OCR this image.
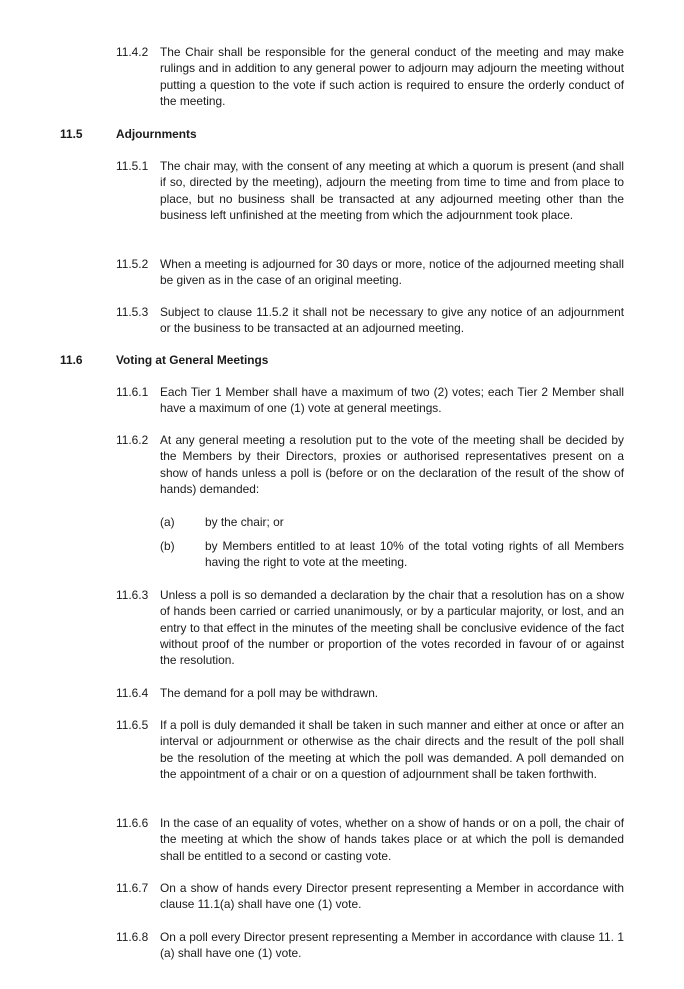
11.4.2 The Chair shall be responsible for the general conduct of the meeting and may make rulings and in addition to any general power to adjourn may adjourn the meeting without putting a question to the vote if such action is required to ensure the orderly conduct of the meeting.
11.5	Adjournments
11.5.1 The chair may, with the consent of any meeting at which a quorum is present (and shall if so, directed by the meeting), adjourn the meeting from time to time and from place to place, but no business shall be transacted at any adjourned meeting other than the business left unfinished at the meeting from which the adjournment took place.
11.5.2 When a meeting is adjourned for 30 days or more, notice of the adjourned meeting shall be given as in the case of an original meeting.
11.5.3 Subject to clause 11.5.2 it shall not be necessary to give any notice of an adjournment or the business to be transacted at an adjourned meeting.
11.6	Voting at General Meetings
11.6.1 Each Tier 1 Member shall have a maximum of two (2) votes; each Tier 2 Member shall have a maximum of one (1) vote at general meetings.
11.6.2 At any general meeting a resolution put to the vote of the meeting shall be decided by the Members by their Directors, proxies or authorised representatives present on a show of hands unless a poll is (before or on the declaration of the result of the show of hands) demanded:
(a)	by the chair; or
(b)	by Members entitled to at least 10% of the total voting rights of all Members having the right to vote at the meeting.
11.6.3 Unless a poll is so demanded a declaration by the chair that a resolution has on a show of hands been carried or carried unanimously, or by a particular majority, or lost, and an entry to that effect in the minutes of the meeting shall be conclusive evidence of the fact without proof of the number or proportion of the votes recorded in favour of or against the resolution.
11.6.4 The demand for a poll may be withdrawn.
11.6.5 If a poll is duly demanded it shall be taken in such manner and either at once or after an interval or adjournment or otherwise as the chair directs and the result of the poll shall be the resolution of the meeting at which the poll was demanded. A poll demanded on the appointment of a chair or on a question of adjournment shall be taken forthwith.
11.6.6 In the case of an equality of votes, whether on a show of hands or on a poll, the chair of the meeting at which the show of hands takes place or at which the poll is demanded shall be entitled to a second or casting vote.
11.6.7 On a show of hands every Director present representing a Member in accordance with clause 11.1(a) shall have one (1) vote.
11.6.8 On a poll every Director present representing a Member in accordance with clause 11. 1 (a) shall have one (1) vote.
